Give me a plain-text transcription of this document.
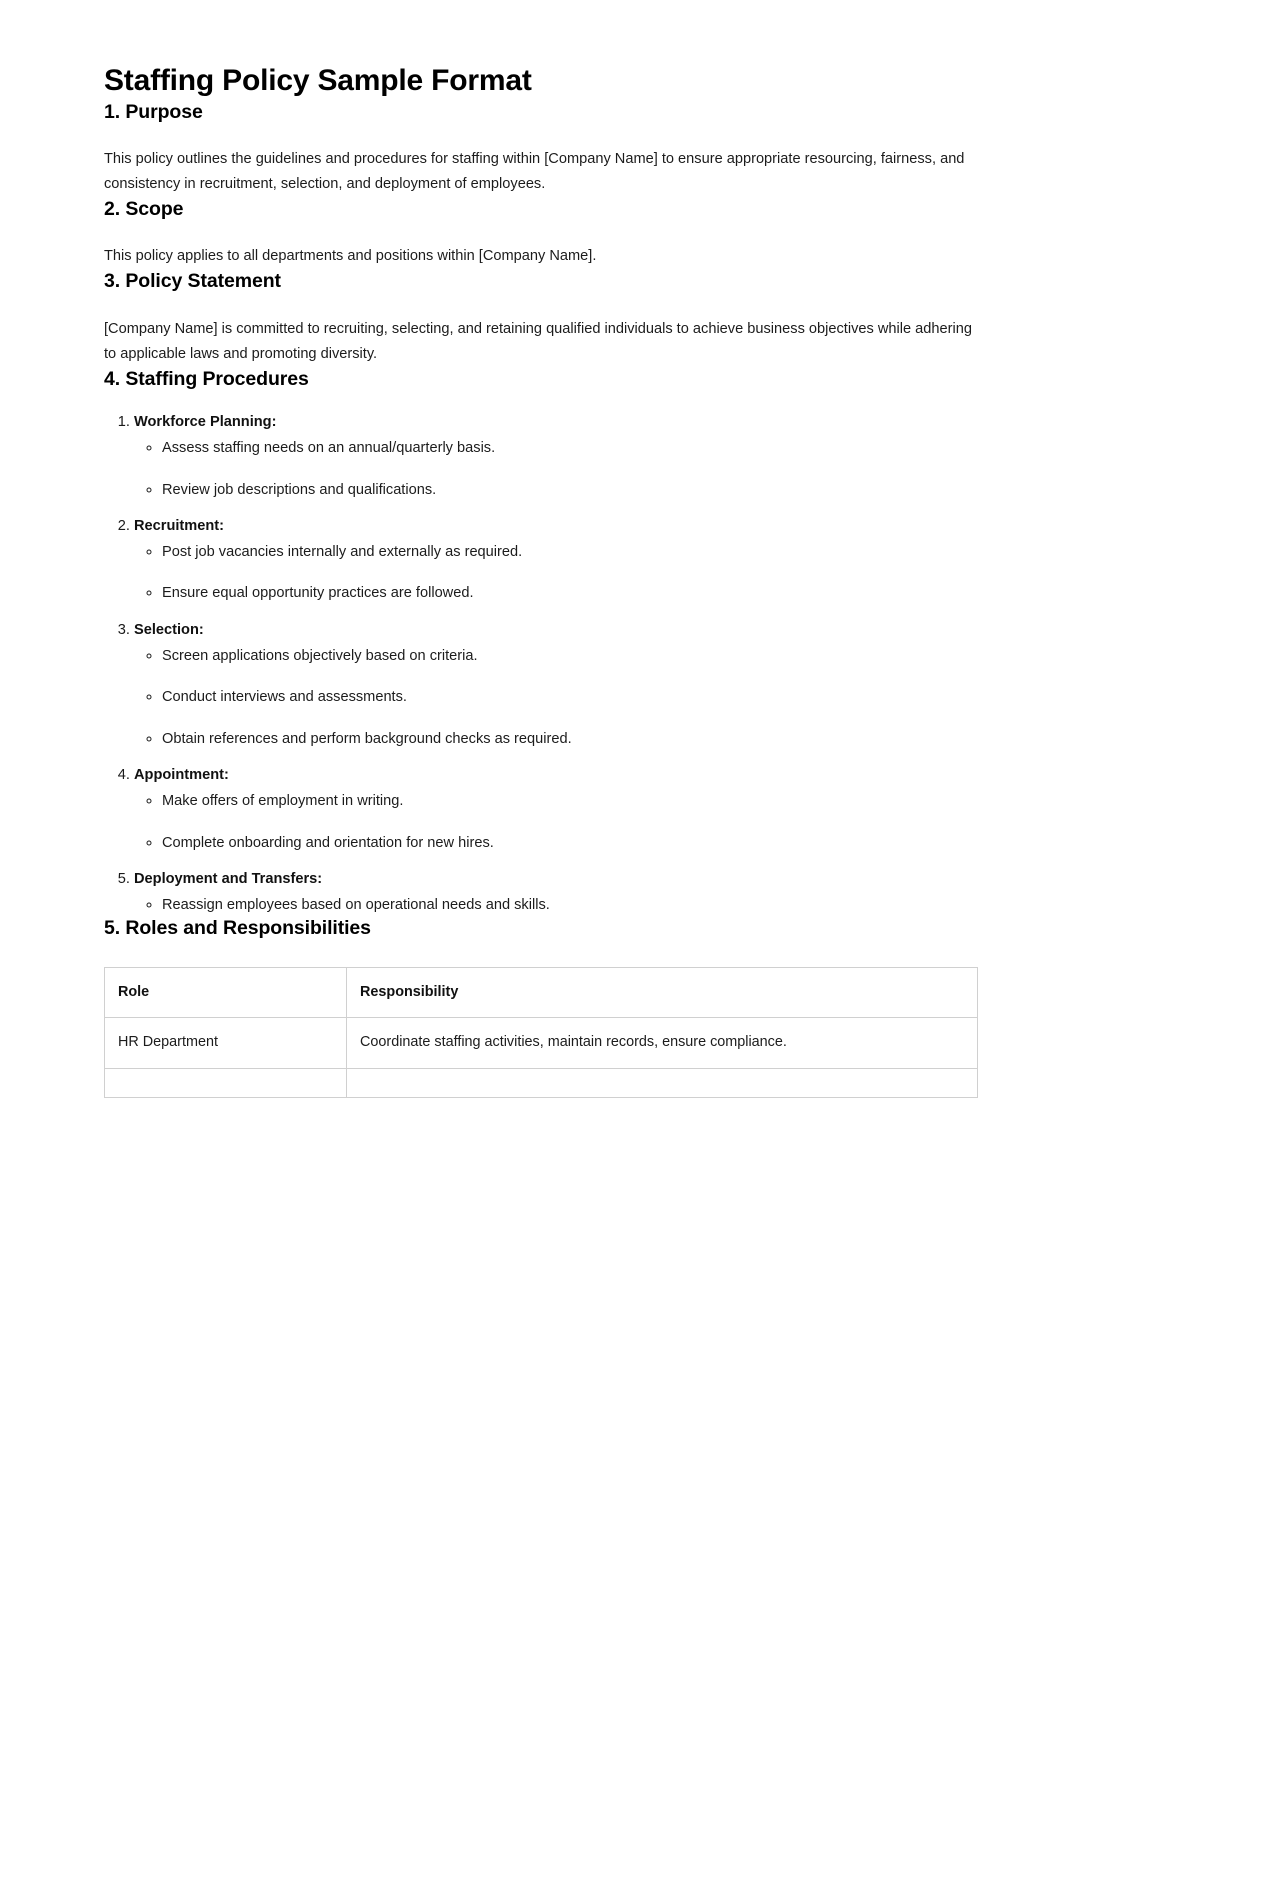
Staffing Policy Sample Format
1. Purpose

This policy outlines the guidelines and procedures for staffing within [Company Name] to ensure appropriate resourcing, fairness, and consistency in recruitment, selection, and deployment of employees.

2. Scope

This policy applies to all departments and positions within [Company Name].

3. Policy Statement

[Company Name] is committed to recruiting, selecting, and retaining qualified individuals to achieve business objectives while adhering to applicable laws and promoting diversity.

4. Staffing Procedures
1. Workforce Planning:
◦ Assess staffing needs on an annual/quarterly basis.
◦ Review job descriptions and qualifications.
2. Recruitment:
◦ Post job vacancies internally and externally as required.
◦ Ensure equal opportunity practices are followed.
3. Selection:
◦ Screen applications objectively based on criteria.
◦ Conduct interviews and assessments.
◦ Obtain references and perform background checks as required.
4. Appointment:
◦ Make offers of employment in writing.
◦ Complete onboarding and orientation for new hires.
5. Deployment and Transfers:
◦ Reassign employees based on operational needs and skills.
5. Roles and Responsibilities
Role	Responsibility
HR Department	Coordinate staffing activities, maintain records, ensure compliance.
